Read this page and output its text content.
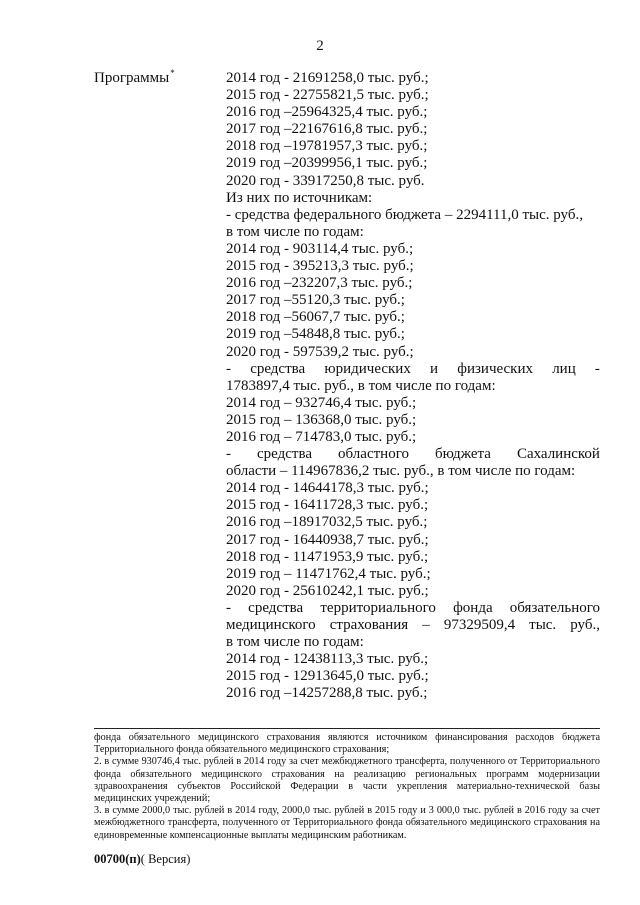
2
Программы*	2014 год - 21691258,0 тыс. руб.;
2015 год - 22755821,5 тыс. руб.;
2016 год –25964325,4 тыс. руб.;
2017 год –22167616,8 тыс. руб.;
2018 год –19781957,3 тыс. руб.;
2019 год –20399956,1 тыс. руб.;
2020 год - 33917250,8 тыс. руб.
Из них по источникам:
- средства федерального бюджета – 2294111,0 тыс. руб.,
в том числе по годам:
2014 год - 903114,4 тыс. руб.;
2015 год - 395213,3 тыс. руб.;
2016 год –232207,3 тыс. руб.;
2017 год –55120,3 тыс. руб.;
2018 год –56067,7 тыс. руб.;
2019 год –54848,8 тыс. руб.;
2020 год - 597539,2 тыс. руб.;
- средства юридических и физических лиц -
1783897,4 тыс. руб., в том числе по годам:
2014 год – 932746,4 тыс. руб.;
2015 год – 136368,0 тыс. руб.;
2016 год – 714783,0 тыс. руб.;
- средства областного бюджета Сахалинской
области – 114967836,2 тыс. руб., в том числе по годам:
2014 год - 14644178,3 тыс. руб.;
2015 год - 16411728,3 тыс. руб.;
2016 год –18917032,5 тыс. руб.;
2017 год - 16440938,7 тыс. руб.;
2018 год - 11471953,9 тыс. руб.;
2019 год – 11471762,4 тыс. руб.;
2020 год - 25610242,1 тыс. руб.;
- средства территориального фонда обязательного
медицинского страхования – 97329509,4 тыс. руб.,
в том числе по годам:
2014 год - 12438113,3 тыс. руб.;
2015 год - 12913645,0 тыс. руб.;
2016 год –14257288,8 тыс. руб.;
фонда обязательного медицинского страхования являются источником финансирования расходов бюджета Территориального фонда обязательного медицинского страхования;
2. в сумме 930746,4 тыс. рублей в 2014 году за счет межбюджетного трансферта, полученного от Территориального фонда обязательного медицинского страхования на реализацию региональных программ модернизации здравоохранения субъектов Российской Федерации в части укрепления материально-технической базы медицинских учреждений;
3. в сумме 2000,0 тыс. рублей в 2014 году, 2000,0 тыс. рублей в 2015 году и 3 000,0 тыс. рублей в 2016 году за счет межбюджетного трансферта, полученного от Территориального фонда обязательного медицинского страхования на единовременные компенсационные выплаты медицинским работникам.
00700(п)( Версия)
